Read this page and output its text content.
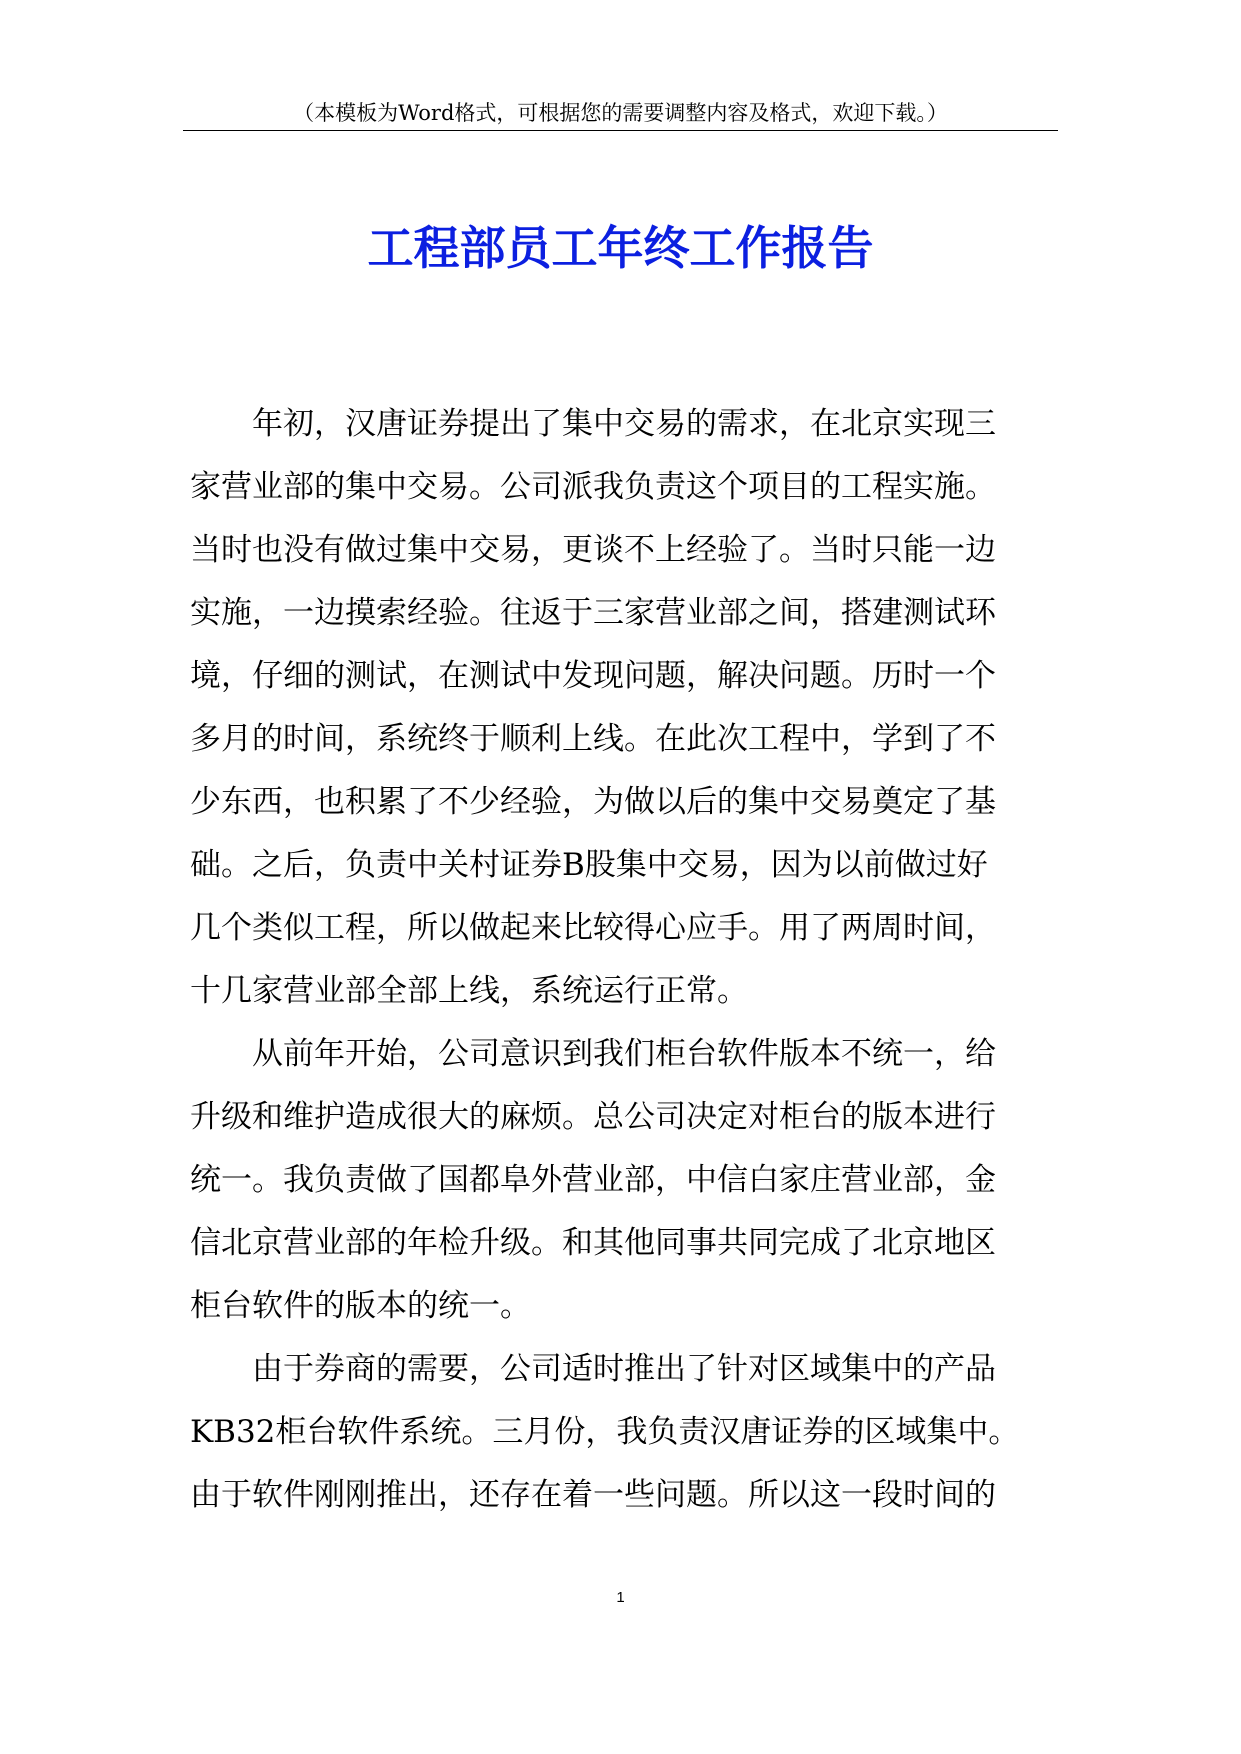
（本模板为Word格式，可根据您的需要调整内容及格式，欢迎下载。）
工程部员工年终工作报告
　　年初，汉唐证券提出了集中交易的需求，在北京实现三
家营业部的集中交易。公司派我负责这个项目的工程实施。
当时也没有做过集中交易，更谈不上经验了。当时只能一边
实施，一边摸索经验。往返于三家营业部之间，搭建测试环
境，仔细的测试，在测试中发现问题，解决问题。历时一个
多月的时间，系统终于顺利上线。在此次工程中，学到了不
少东西，也积累了不少经验，为做以后的集中交易奠定了基
础。之后，负责中关村证券B股集中交易，因为以前做过好
几个类似工程，所以做起来比较得心应手。用了两周时间，
十几家营业部全部上线，系统运行正常。
　　从前年开始，公司意识到我们柜台软件版本不统一，给
升级和维护造成很大的麻烦。总公司决定对柜台的版本进行
统一。我负责做了国都阜外营业部，中信白家庄营业部，金
信北京营业部的年检升级。和其他同事共同完成了北京地区
柜台软件的版本的统一。
　　由于券商的需要，公司适时推出了针对区域集中的产品
KB32柜台软件系统。三月份，我负责汉唐证券的区域集中。
由于软件刚刚推出，还存在着一些问题。所以这一段时间的
1
